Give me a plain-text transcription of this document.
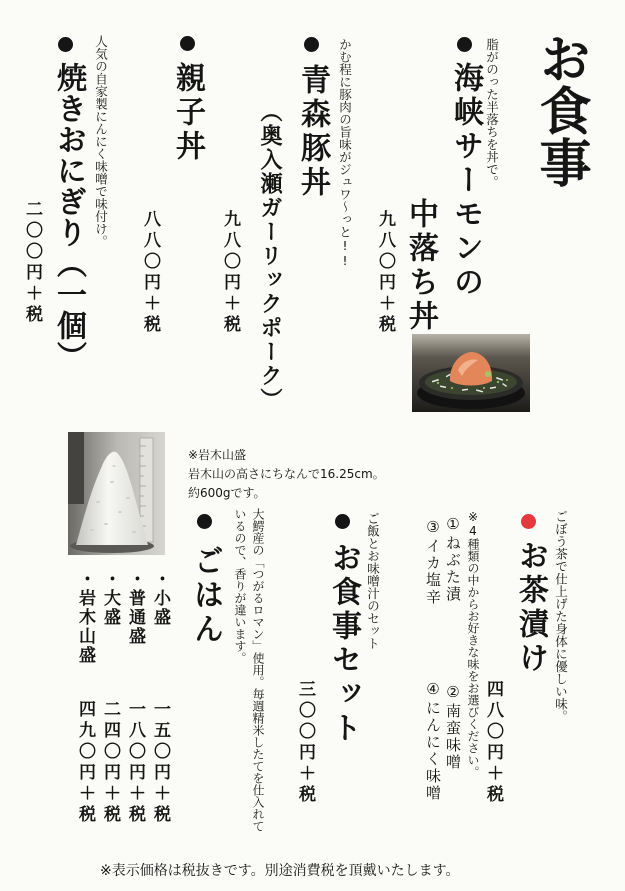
お食事
脂がのった半落ちを丼で。
海峡サーモンの
中落ち丼
九八〇円＋税
かむ程に豚肉の旨味がジュワ〜っと!!
青森豚丼
（奥入瀬ガーリックポーク）
九八〇円＋税
親子丼
八八〇円＋税
人気の自家製にんにく味噌で味付け。
焼きおにぎり（一個）
二〇〇円＋税
ごぼう茶で仕上げた身体に優しい味。
お茶漬け
四八〇円＋税
※4種類の中からお好きな味をお選びください。
①ねぶた漬
②南蛮味噌
③イカ塩辛
④にんにく味噌
ご飯とお味噌汁のセット
お食事セット
三〇〇円＋税
大鰐産の「つがるロマン」使用。毎週精米したてを仕入れて
いるので、香りが違います。
ごはん
・小盛
一五〇円＋税
・普通盛
一八〇円＋税
・大盛
二四〇円＋税
・岩木山盛
四九〇円＋税
※岩木山盛
岩木山の高さにちなんで16.25cm。
約600gです。
※表示価格は税抜きです。別途消費税を頂戴いたします。
